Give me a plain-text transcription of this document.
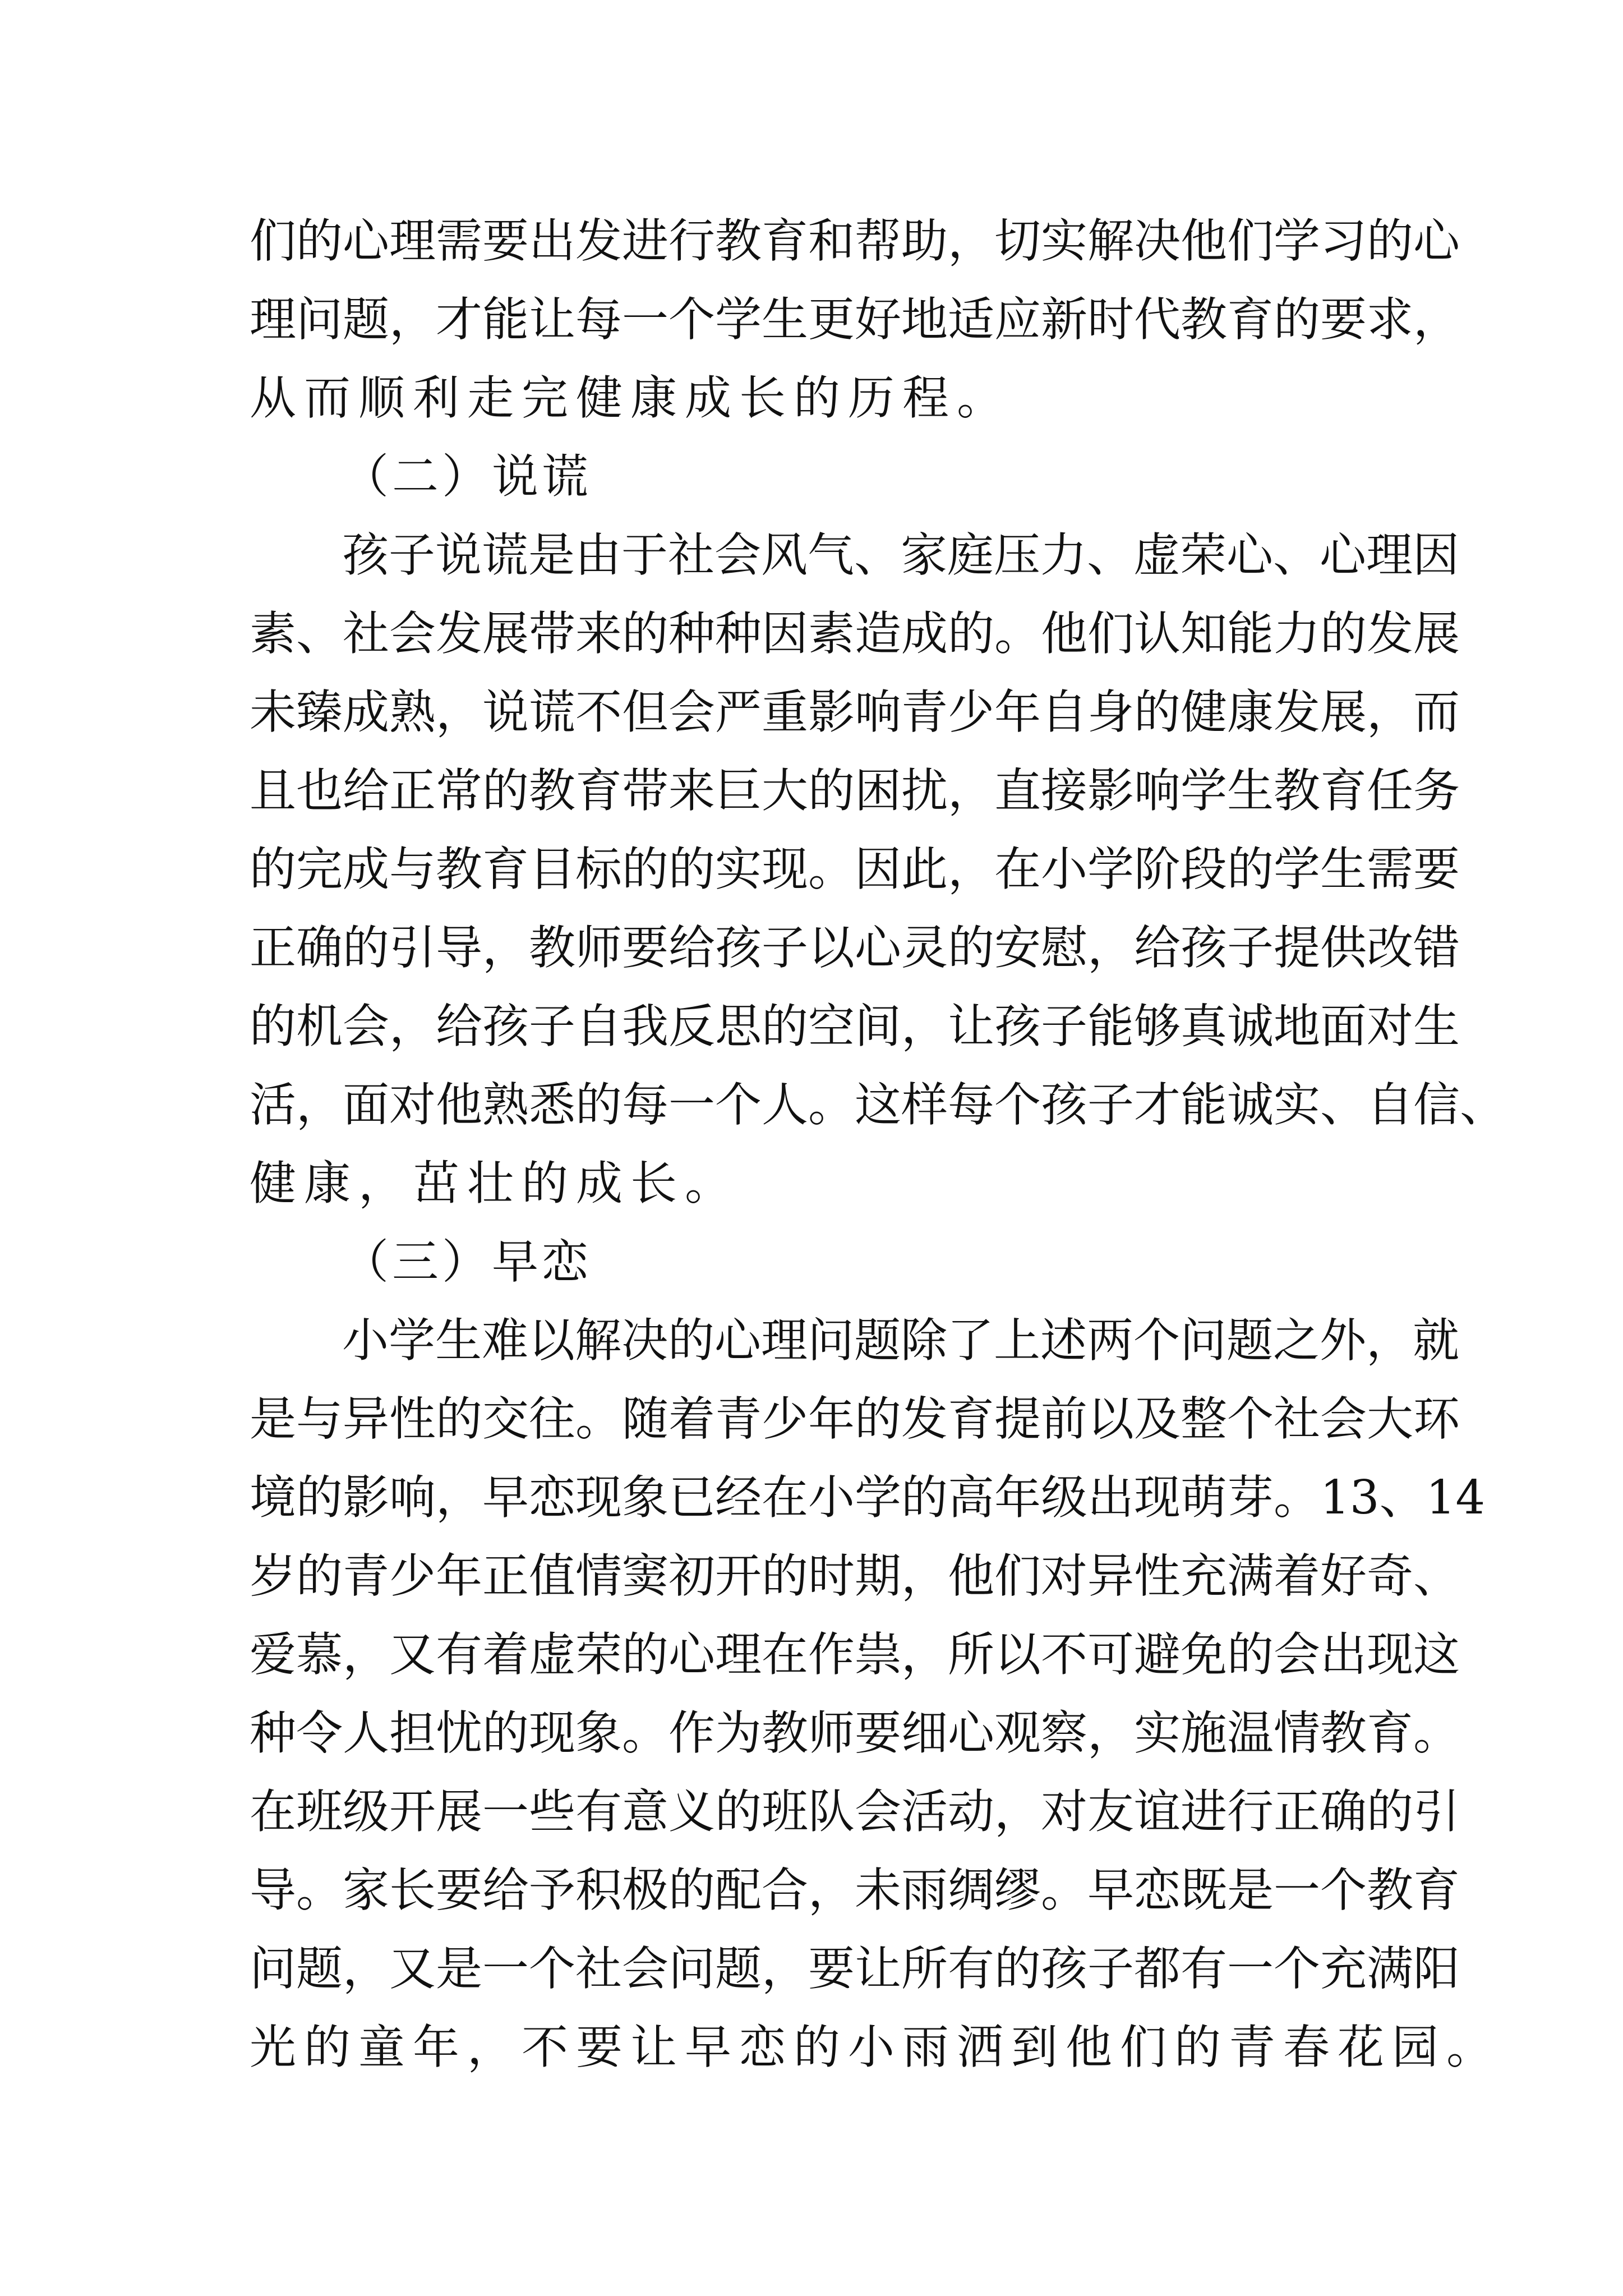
们的心理需要出发进行教育和帮助，切实解决他们学习的心
理问题，才能让每一个学生更好地适应新时代教育的要求，
从而顺利走完健康成长的历程。
（二）说谎
孩子说谎是由于社会风气、家庭压力、虚荣心、心理因
素、社会发展带来的种种因素造成的。他们认知能力的发展
未臻成熟，说谎不但会严重影响青少年自身的健康发展，而
且也给正常的教育带来巨大的困扰，直接影响学生教育任务
的完成与教育目标的的实现。因此，在小学阶段的学生需要
正确的引导，教师要给孩子以心灵的安慰，给孩子提供改错
的机会，给孩子自我反思的空间，让孩子能够真诚地面对生
活，面对他熟悉的每一个人。这样每个孩子才能诚实、自信、
健康，茁壮的成长。
（三）早恋
小学生难以解决的心理问题除了上述两个问题之外，就
是与异性的交往。随着青少年的发育提前以及整个社会大环
境的影响，早恋现象已经在小学的高年级出现萌芽。13、14
岁的青少年正值情窦初开的时期，他们对异性充满着好奇、
爱慕，又有着虚荣的心理在作祟，所以不可避免的会出现这
种令人担忧的现象。作为教师要细心观察，实施温情教育。
在班级开展一些有意义的班队会活动，对友谊进行正确的引
导。家长要给予积极的配合，未雨绸缪。早恋既是一个教育
问题，又是一个社会问题，要让所有的孩子都有一个充满阳
光的童年，不要让早恋的小雨洒到他们的青春花园。
